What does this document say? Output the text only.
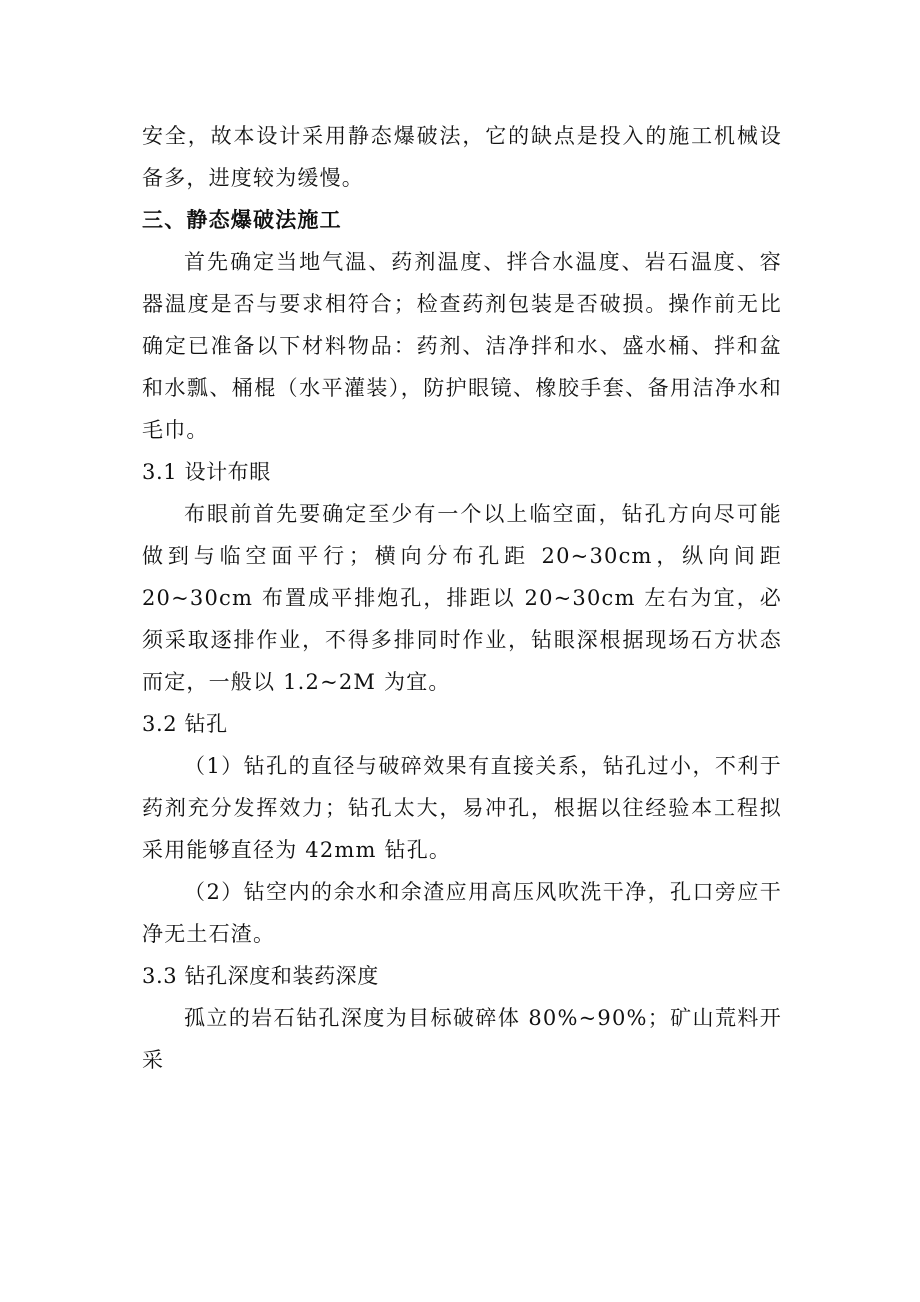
安全，故本设计采用静态爆破法，它的缺点是投入的施工机械设备多，进度较为缓慢。

三、静态爆破法施工

首先确定当地气温、药剂温度、拌合水温度、岩石温度、容器温度是否与要求相符合；检查药剂包装是否破损。操作前无比确定已准备以下材料物品：药剂、洁净拌和水、盛水桶、拌和盆和水瓢、桶棍（水平灌装），防护眼镜、橡胶手套、备用洁净水和毛巾。

3.1 设计布眼

布眼前首先要确定至少有一个以上临空面，钻孔方向尽可能做到与临空面平行；横向分布孔距 20~30cm，纵向间距 20~30cm 布置成平排炮孔，排距以 20~30cm 左右为宜，必须采取逐排作业，不得多排同时作业，钻眼深根据现场石方状态而定，一般以 1.2~2M 为宜。

3.2 钻孔

（1）钻孔的直径与破碎效果有直接关系，钻孔过小，不利于药剂充分发挥效力；钻孔太大，易冲孔，根据以往经验本工程拟采用能够直径为 42mm 钻孔。

（2）钻空内的余水和余渣应用高压风吹洗干净，孔口旁应干净无土石渣。

3.3 钻孔深度和装药深度

孤立的岩石钻孔深度为目标破碎体 80%~90%；矿山荒料开采
